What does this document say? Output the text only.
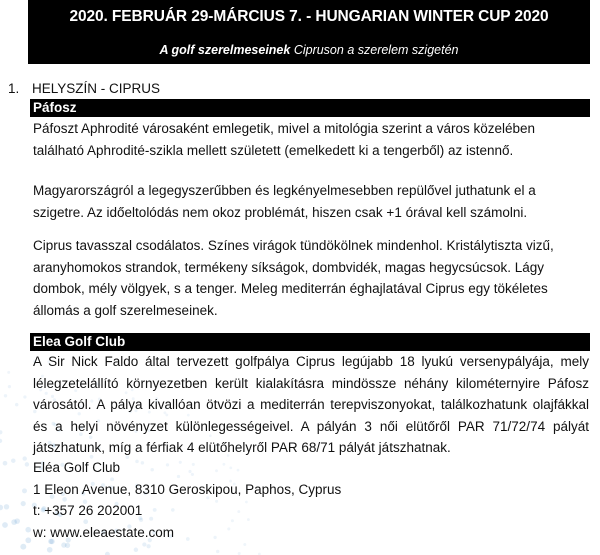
2020. FEBRUÁR 29-MÁRCIUS 7. - HUNGARIAN WINTER CUP 2020
A golf szerelmeseinek Cipruson a szerelem szigetén
1. HELYSZÍN - CIPRUS
Páfosz

Páfoszt Aphrodité városaként emlegetik, mivel a mitológia szerint a város közelében található Aphrodité-szikla mellett született (emelkedett ki a tengerből) az istennő.

Magyarországról a legegyszerűbben és legkényelmesebben repülővel juthatunk el a szigetre. Az időeltolódás nem okoz problémát, hiszen csak +1 órával kell számolni.

Ciprus tavasszal csodálatos. Színes virágok tündökölnek mindenhol. Kristálytiszta vizű, aranyhomokos strandok, termékeny síkságok, dombvidék, magas hegycsúcsok. Lágy dombok, mély völgyek, s a tenger. Meleg mediterrán éghajlatával Ciprus egy tökéletes állomás a golf szerelmeseinek.

Elea Golf Club

A Sir Nick Faldo által tervezett golfpálya Ciprus legújabb 18 lyukú versenypályája, mely lélegzetelállító környezetben került kialakításra mindössze néhány kilométernyire Páfosz városától. A pálya kivallóan ötvözi a mediterrán terepviszonyokat, találkozhatunk olajfákkal és a helyi növényzet különlegességeivel. A pályán 3 női elütőről PAR 71/72/74 pályát játszhatunk, míg a férfiak 4 elütőhelyről PAR 68/71 pályát játszhatnak.

Eléa Golf Club
1 Eleon Avenue, 8310 Geroskipou, Paphos, Cyprus
t: +357 26 202001
w: www.eleaestate.com
